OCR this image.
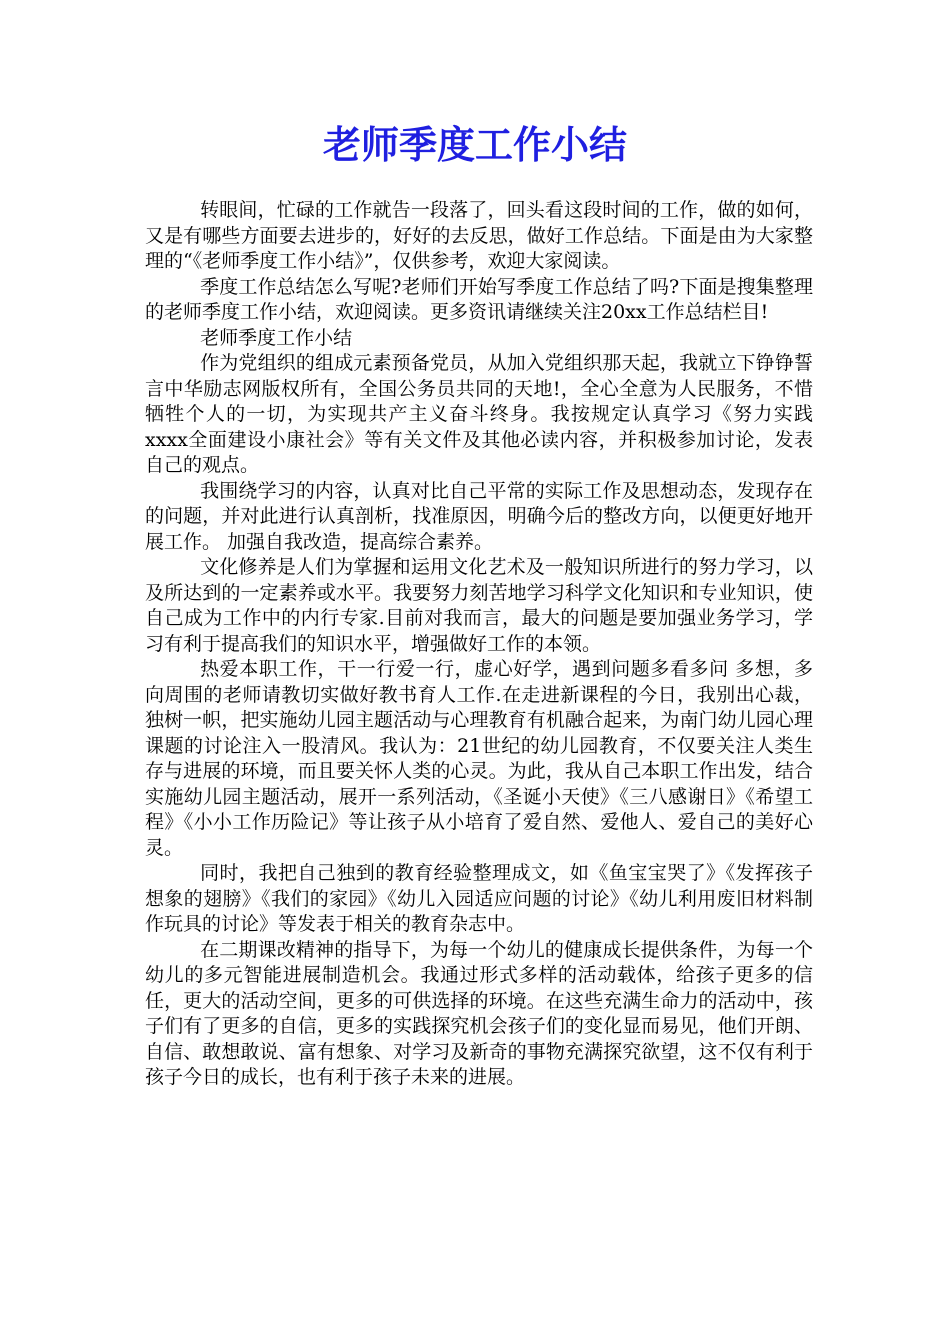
老师季度工作小结

转眼间，忙碌的工作就告一段落了，回头看这段时间的工作，做的如何，又是有哪些方面要去进步的，好好的去反思，做好工作总结。下面是由为大家整理的“《老师季度工作小结》”，仅供参考，欢迎大家阅读。

季度工作总结怎么写呢?老师们开始写季度工作总结了吗?下面是搜集整理的老师季度工作小结，欢迎阅读。更多资讯请继续关注20xx工作总结栏目!

老师季度工作小结

作为党组织的组成元素预备党员，从加入党组织那天起，我就立下铮铮誓言中华励志网版权所有，全国公务员共同的天地!，全心全意为人民服务，不惜牺牲个人的一切，为实现共产主义奋斗终身。我按规定认真学习《努力实践xxxx全面建设小康社会》等有关文件及其他必读内容，并积极参加讨论，发表自己的观点。

我围绕学习的内容，认真对比自己平常的实际工作及思想动态，发现存在的问题，并对此进行认真剖析，找准原因，明确今后的整改方向，以便更好地开展工作。 加强自我改造，提高综合素养。

文化修养是人们为掌握和运用文化艺术及一般知识所进行的努力学习，以及所达到的一定素养或水平。我要努力刻苦地学习科学文化知识和专业知识，使自己成为工作中的内行专家.目前对我而言，最大的问题是要加强业务学习，学习有利于提高我们的知识水平，增强做好工作的本领。

热爱本职工作，干一行爱一行，虚心好学，遇到问题多看多问 多想，多向周围的老师请教切实做好教书育人工作.在走进新课程的今日，我别出心裁，独树一帜，把实施幼儿园主题活动与心理教育有机融合起来，为南门幼儿园心理课题的讨论注入一股清风。我认为：21世纪的幼儿园教育，不仅要关注人类生存与进展的环境，而且要关怀人类的心灵。为此，我从自己本职工作出发，结合实施幼儿园主题活动，展开一系列活动，《圣诞小天使》《三八感谢日》《希望工程》《小小工作历险记》等让孩子从小培育了爱自然、爱他人、爱自己的美好心灵。

同时，我把自己独到的教育经验整理成文，如《鱼宝宝哭了》《发挥孩子想象的翅膀》《我们的家园》《幼儿入园适应问题的讨论》《幼儿利用废旧材料制作玩具的讨论》等发表于相关的教育杂志中。

在二期课改精神的指导下，为每一个幼儿的健康成长提供条件，为每一个幼儿的多元智能进展制造机会。我通过形式多样的活动载体，给孩子更多的信任，更大的活动空间，更多的可供选择的环境。在这些充满生命力的活动中，孩子们有了更多的自信，更多的实践探究机会孩子们的变化显而易见，他们开朗、自信、敢想敢说、富有想象、对学习及新奇的事物充满探究欲望，这不仅有利于孩子今日的成长，也有利于孩子未来的进展。
